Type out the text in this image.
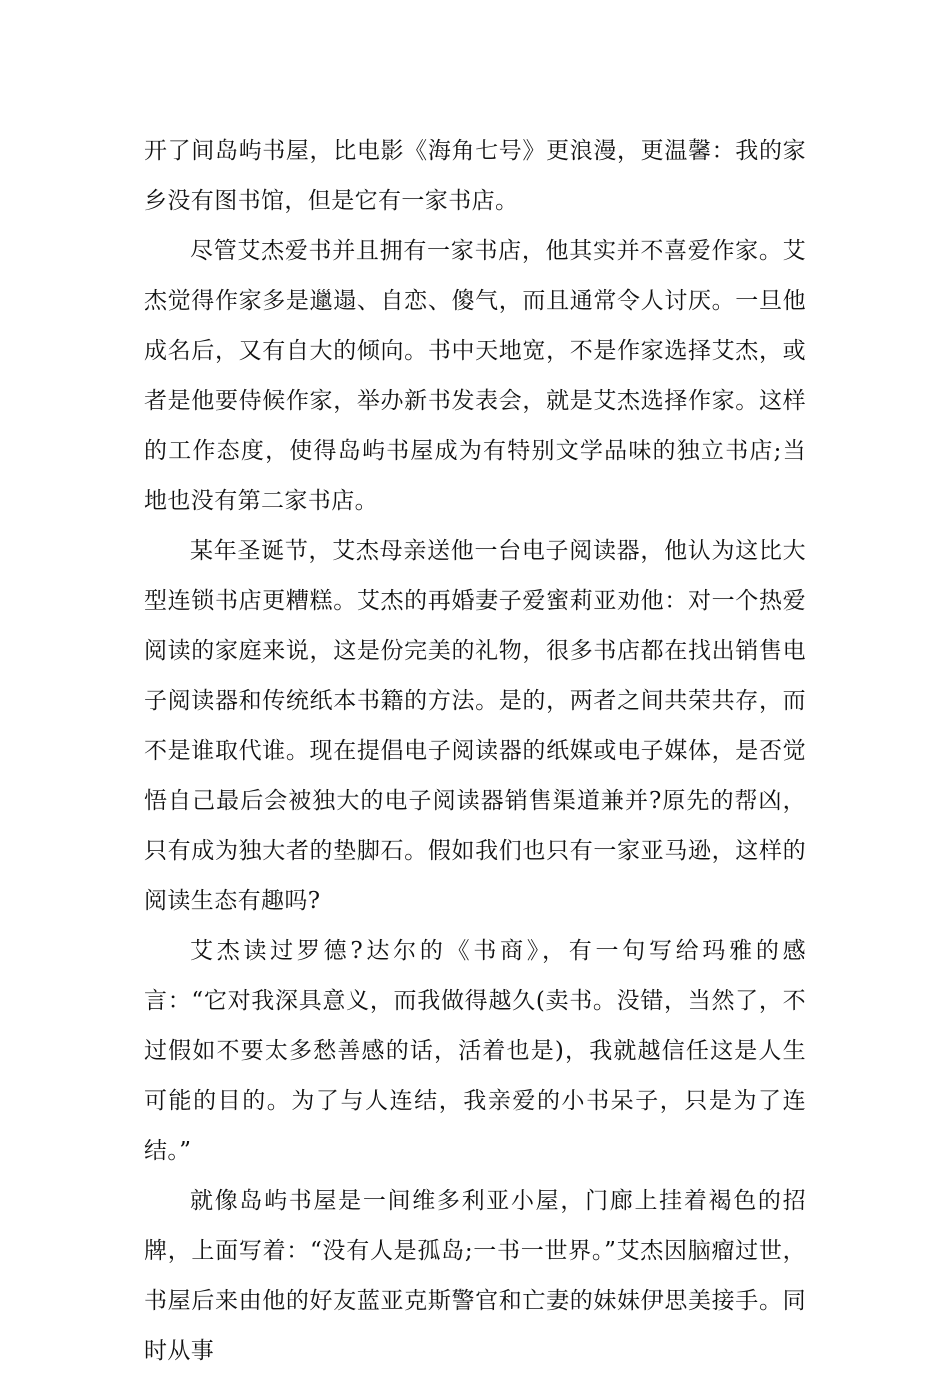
开了间岛屿书屋，比电影《海角七号》更浪漫，更温馨：我的家乡没有图书馆，但是它有一家书店。

尽管艾杰爱书并且拥有一家书店，他其实并不喜爱作家。艾杰觉得作家多是邋遢、自恋、傻气，而且通常令人讨厌。一旦他成名后，又有自大的倾向。书中天地宽，不是作家选择艾杰，或者是他要侍候作家，举办新书发表会，就是艾杰选择作家。这样的工作态度，使得岛屿书屋成为有特别文学品味的独立书店;当地也没有第二家书店。

某年圣诞节，艾杰母亲送他一台电子阅读器，他认为这比大型连锁书店更糟糕。艾杰的再婚妻子爱蜜莉亚劝他：对一个热爱阅读的家庭来说，这是份完美的礼物，很多书店都在找出销售电子阅读器和传统纸本书籍的方法。是的，两者之间共荣共存，而不是谁取代谁。现在提倡电子阅读器的纸媒或电子媒体，是否觉悟自己最后会被独大的电子阅读器销售渠道兼并?原先的帮凶，只有成为独大者的垫脚石。假如我们也只有一家亚马逊，这样的阅读生态有趣吗?

艾杰读过罗德?达尔的《书商》，有一句写给玛雅的感言：“它对我深具意义，而我做得越久(卖书。没错，当然了，不过假如不要太多愁善感的话，活着也是)，我就越信任这是人生可能的目的。为了与人连结，我亲爱的小书呆子，只是为了连结。”

就像岛屿书屋是一间维多利亚小屋，门廊上挂着褐色的招牌，上面写着：“没有人是孤岛;一书一世界。”艾杰因脑瘤过世，书屋后来由他的好友蓝亚克斯警官和亡妻的妹妹伊思美接手。同时从事
